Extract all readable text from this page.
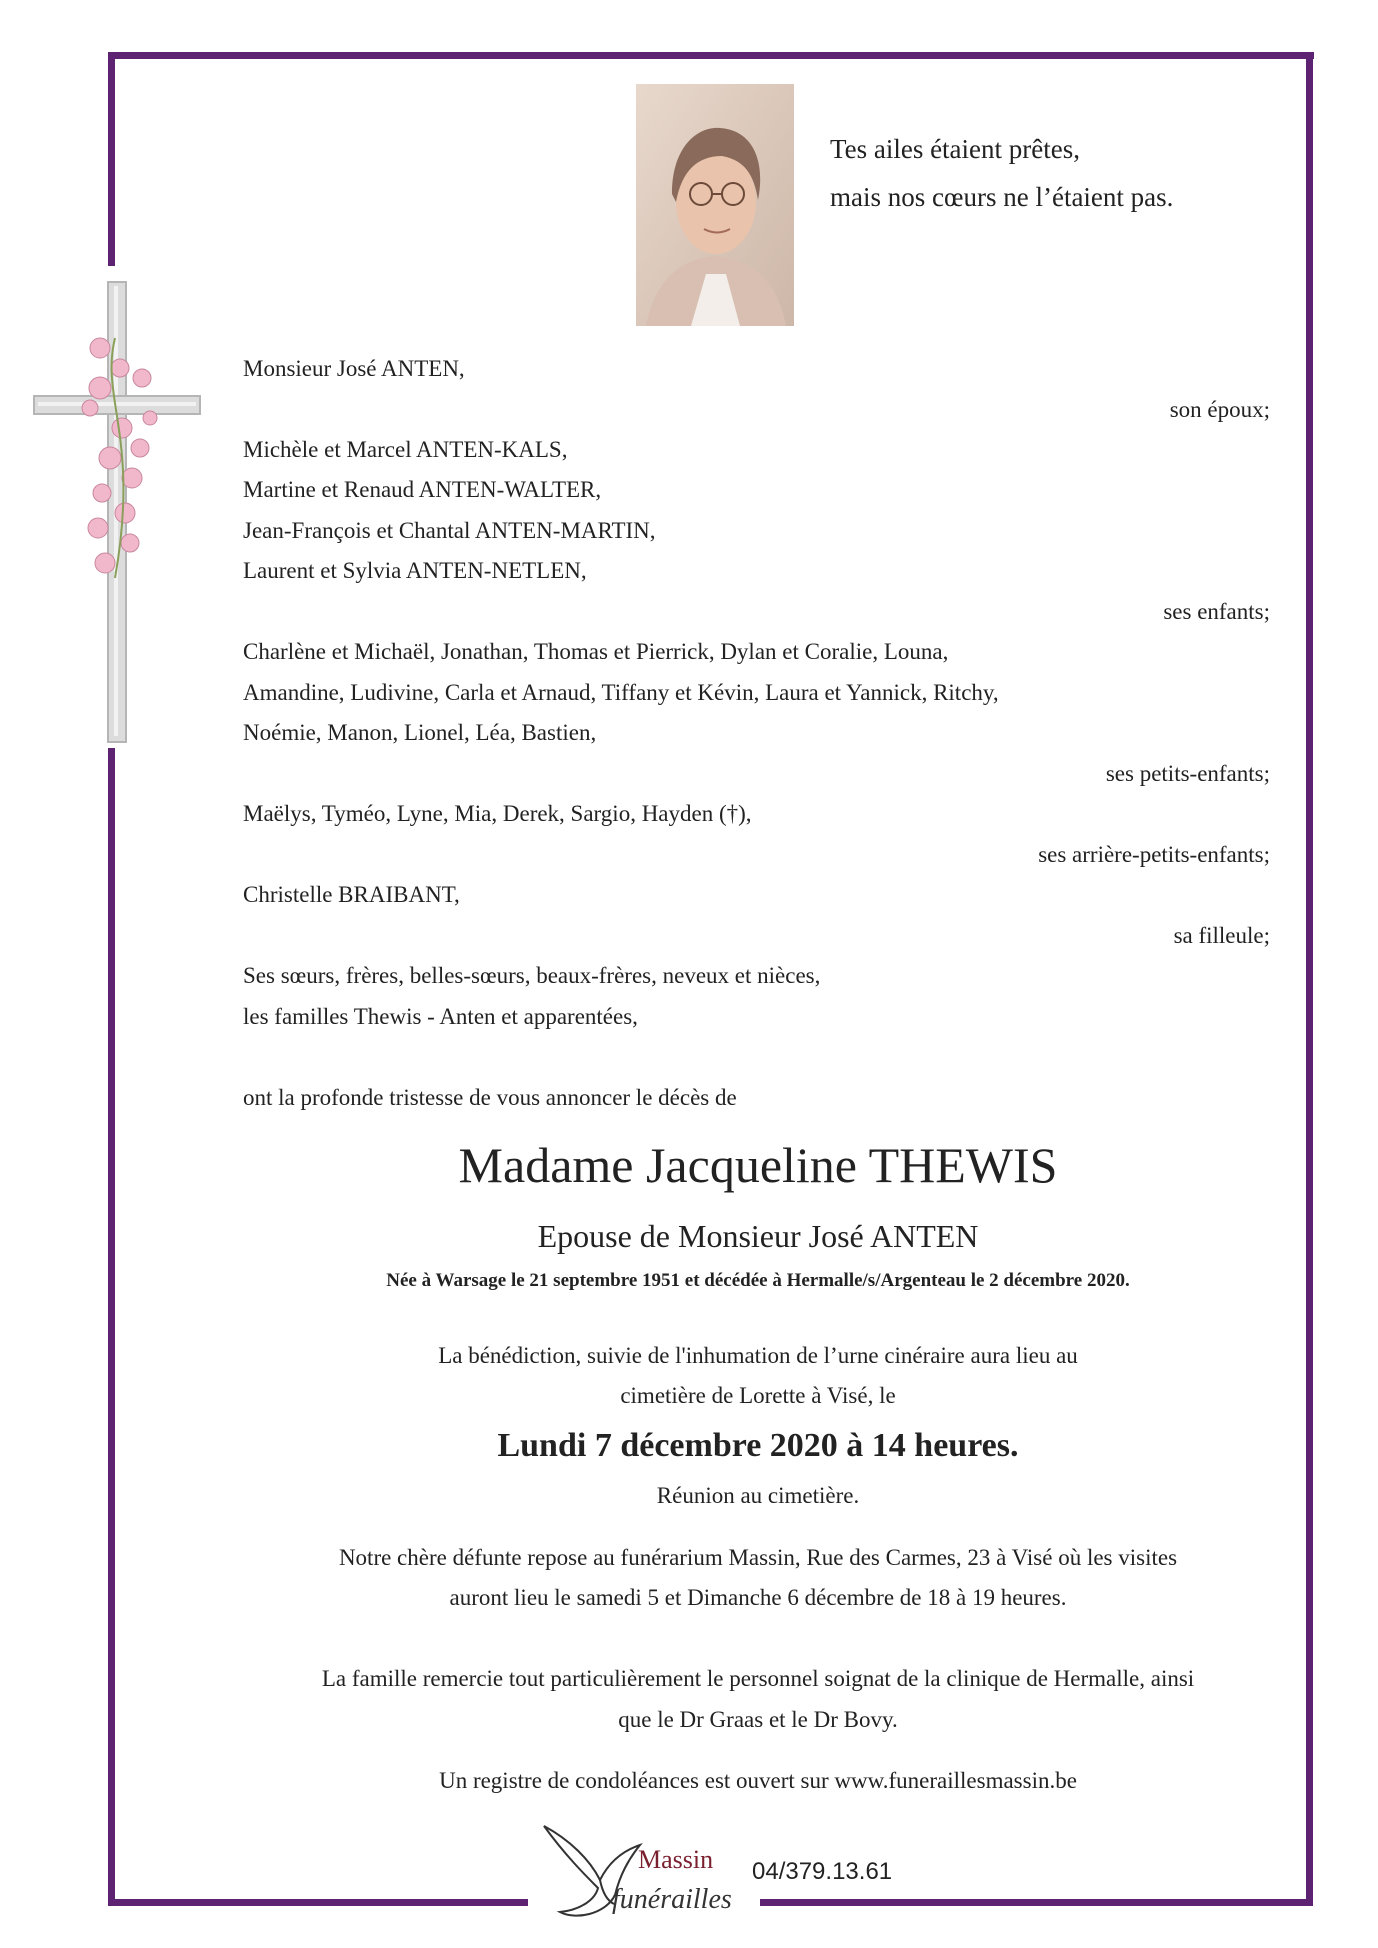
Tes ailes étaient prêtes,
mais nos cœurs ne l’étaient pas.
Monsieur José ANTEN,
son époux;
Michèle et Marcel ANTEN-KALS,
Martine et Renaud ANTEN-WALTER,
Jean-François et Chantal ANTEN-MARTIN,
Laurent et Sylvia ANTEN-NETLEN,
ses enfants;
Charlène et Michaël, Jonathan, Thomas et Pierrick, Dylan et Coralie, Louna,
Amandine, Ludivine, Carla et Arnaud, Tiffany et Kévin, Laura et Yannick, Ritchy,
Noémie, Manon, Lionel, Léa, Bastien,
ses petits-enfants;
Maëlys, Tyméo, Lyne, Mia, Derek, Sargio, Hayden (†),
ses arrière-petits-enfants;
Christelle BRAIBANT,
sa filleule;
Ses sœurs, frères, belles-sœurs, beaux-frères, neveux et nièces,
les familles Thewis - Anten et apparentées,
ont la profonde tristesse de vous annoncer le décès de
Madame Jacqueline THEWIS
Epouse de Monsieur José ANTEN
Née à Warsage le 21 septembre 1951 et décédée à Hermalle/s/Argenteau le 2 décembre 2020.
La bénédiction, suivie de l'inhumation de l’urne cinéraire aura lieu au
cimetière de Lorette à Visé, le
Lundi 7 décembre 2020 à 14 heures.
Réunion au cimetière.
Notre chère défunte repose au funérarium Massin, Rue des Carmes, 23 à Visé où les visites
auront lieu le samedi 5 et Dimanche 6 décembre de 18 à 19 heures.
La famille remercie tout particulièrement le personnel soignat de la clinique de Hermalle, ainsi
que le Dr Graas et le Dr Bovy.
Un registre de condoléances est ouvert sur www.funeraillesmassin.be
Massin
funérailles
04/379.13.61
